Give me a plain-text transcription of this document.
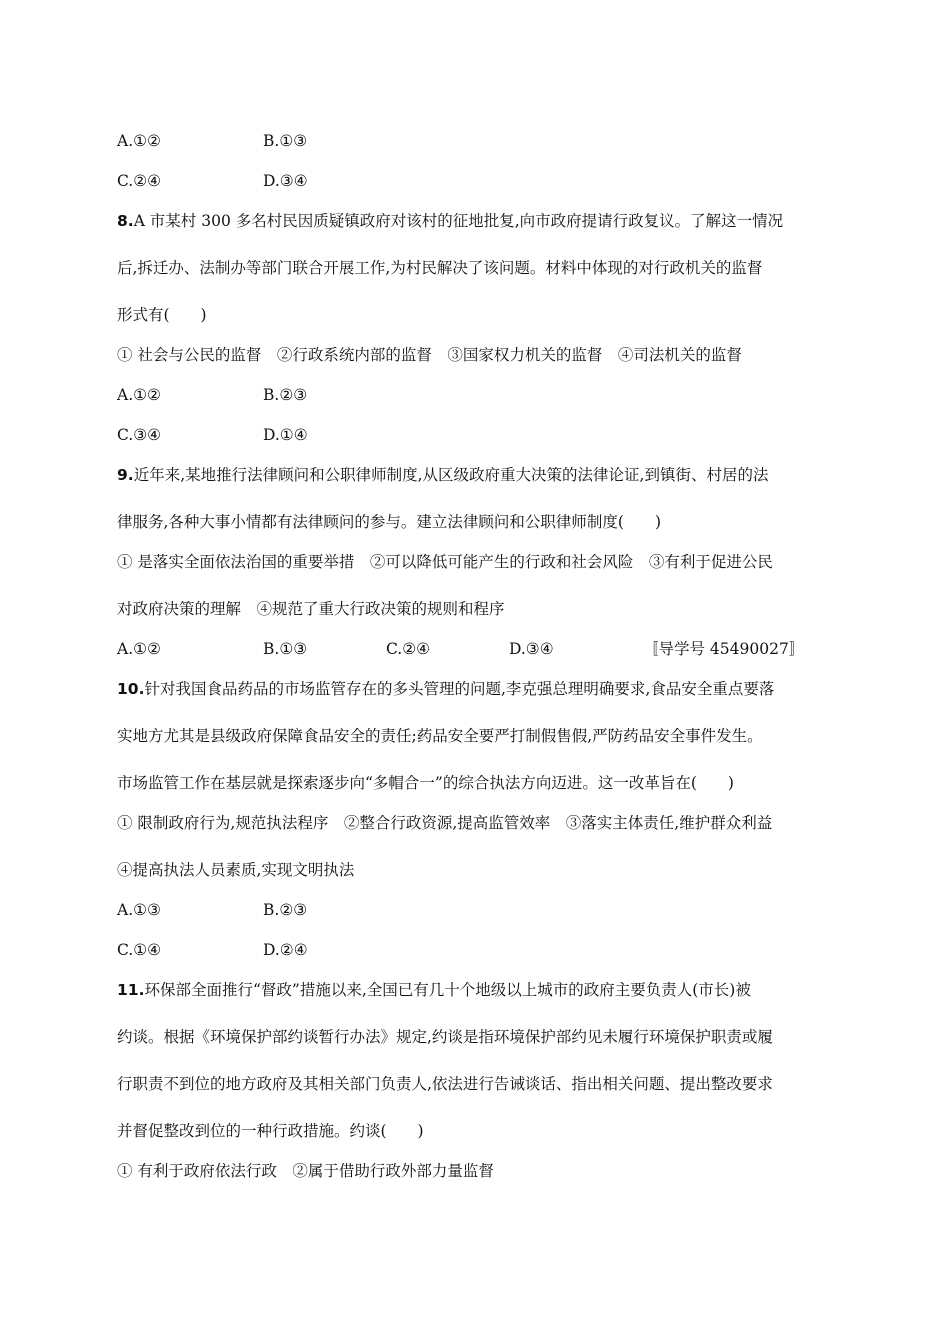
A.①②	B.①③
C.②④	D.③④
8.A 市某村 300 多名村民因质疑镇政府对该村的征地批复,向市政府提请行政复议。了解这一情况
后,拆迁办、法制办等部门联合开展工作,为村民解决了该问题。材料中体现的对行政机关的监督
形式有(　　)
① 社会与公民的监督　②行政系统内部的监督　③国家权力机关的监督　④司法机关的监督
A.①②	B.②③
C.③④	D.①④
9.近年来,某地推行法律顾问和公职律师制度,从区级政府重大决策的法律论证,到镇街、村居的法
律服务,各种大事小情都有法律顾问的参与。建立法律顾问和公职律师制度(　　)
① 是落实全面依法治国的重要举措　②可以降低可能产生的行政和社会风险　③有利于促进公民
对政府决策的理解　④规范了重大行政决策的规则和程序
A.①②	B.①③	C.②④	D.③④	〚导学号 45490027〛
10.针对我国食品药品的市场监管存在的多头管理的问题,李克强总理明确要求,食品安全重点要落
实地方尤其是县级政府保障食品安全的责任;药品安全要严打制假售假,严防药品安全事件发生。
市场监管工作在基层就是探索逐步向“多帽合一”的综合执法方向迈进。这一改革旨在(　　)
① 限制政府行为,规范执法程序　②整合行政资源,提高监管效率　③落实主体责任,维护群众利益
④提高执法人员素质,实现文明执法
A.①③	B.②③
C.①④	D.②④
11.环保部全面推行“督政”措施以来,全国已有几十个地级以上城市的政府主要负责人(市长)被
约谈。根据《环境保护部约谈暂行办法》规定,约谈是指环境保护部约见未履行环境保护职责或履
行职责不到位的地方政府及其相关部门负责人,依法进行告诫谈话、指出相关问题、提出整改要求
并督促整改到位的一种行政措施。约谈(　　)
① 有利于政府依法行政　②属于借助行政外部力量监督
